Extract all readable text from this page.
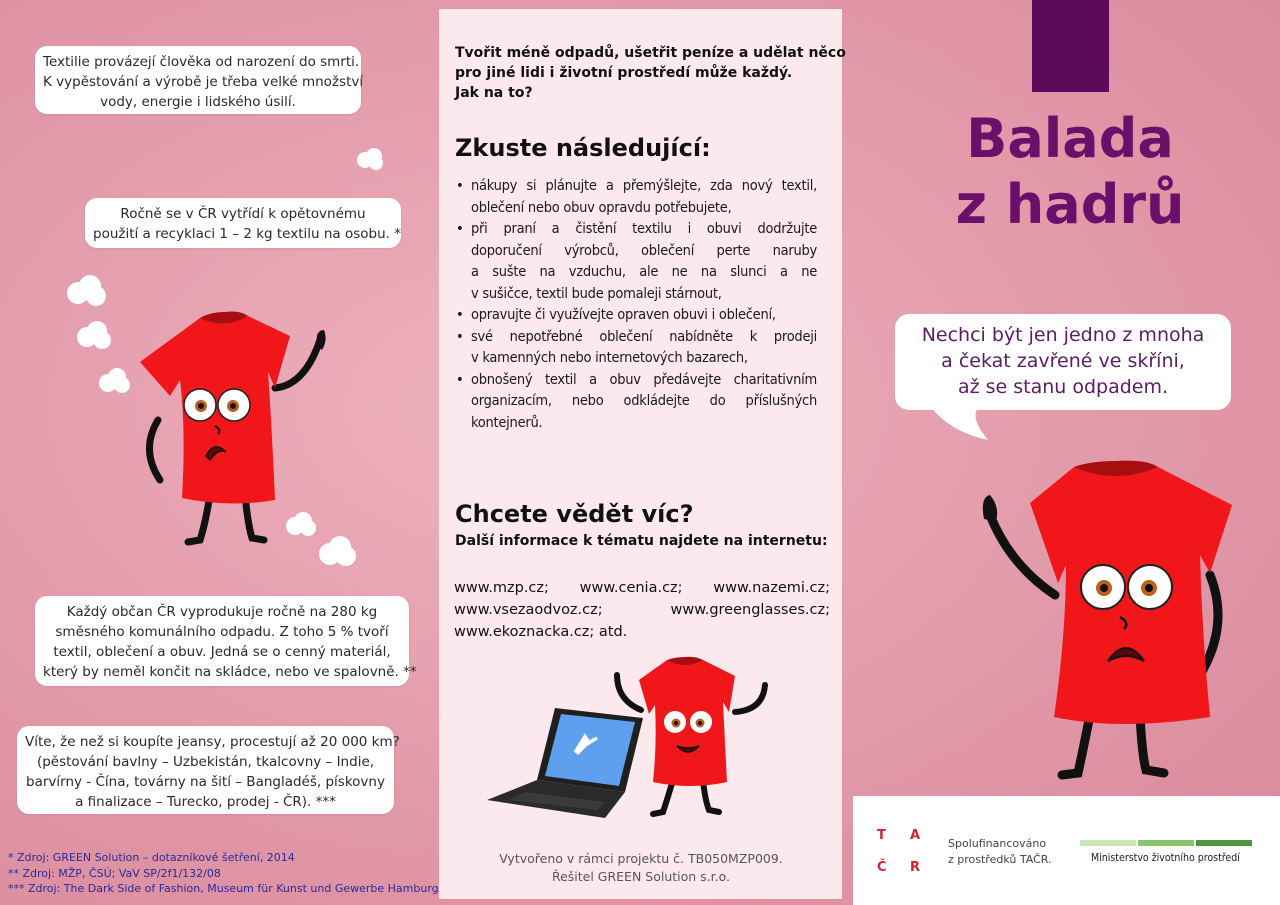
Textilie provázejí člověka od narození do smrti.
K vypěstování a výrobě je třeba velké množství
vody, energie i lidského úsilí.
Ročně se v ČR vytřídí k opětovnému
použití a recyklaci 1 – 2 kg textilu na osobu. *
Každý občan ČR vyprodukuje ročně na 280 kg
směsného komunálního odpadu. Z toho 5 % tvoří
textil, oblečení a obuv. Jedná se o cenný materiál,
který by neměl končit na skládce, nebo ve spalovně. **
Víte, že než si koupíte jeansy, procestují až 20 000 km?
(pěstování bavlny – Uzbekistán, tkalcovny – Indie,
barvírny - Čína, továrny na šití – Bangladéš, pískovny
a finalizace – Turecko, prodej - ČR). ***
* Zdroj: GREEN Solution – dotazníkové šetření, 2014
** Zdroj: MŽP, ČSÚ; VaV SP/2f1/132/08
*** Zdroj: The Dark Side of Fashion, Museum für Kunst und Gewerbe Hamburg
Tvořit méně odpadů, ušetřit peníze a udělat něco
pro jiné lidi i životní prostředí může každý.
Jak na to?
Zkuste následující:
• nákupy si plánujte a přemýšlejte, zda nový textil,
oblečení nebo obuv opravdu potřebujete,
• při praní a čistění textilu i obuvi dodržujte
doporučení výrobců, oblečení perte naruby
a sušte na vzduchu, ale ne na slunci a ne
v sušičce, textil bude pomaleji stárnout,
• opravujte či využívejte opraven obuvi i oblečení,
• své nepotřebné oblečení nabídněte k prodeji
v kamenných nebo internetových bazarech,
• obnošený textil a obuv předávejte charitativním
organizacím, nebo odkládejte do příslušných
kontejnerů.
Chcete vědět víc?
Další informace k tématu najdete na internetu:
www.mzp.cz; www.cenia.cz; www.nazemi.cz;
www.vsezaodvoz.cz; www.greenglasses.cz;
www.ekoznacka.cz; atd.
Vytvořeno v rámci projektu č. TB050MZP009.
Řešitel GREEN Solution s.r.o.
Balada
z hadrů
Nechci být jen jedno z mnoha
a čekat zavřené ve skříni,
až se stanu odpadem.
T A
Č R
Spolufinancováno
z prostředků TAČR.	Ministerstvo životního prostředí
